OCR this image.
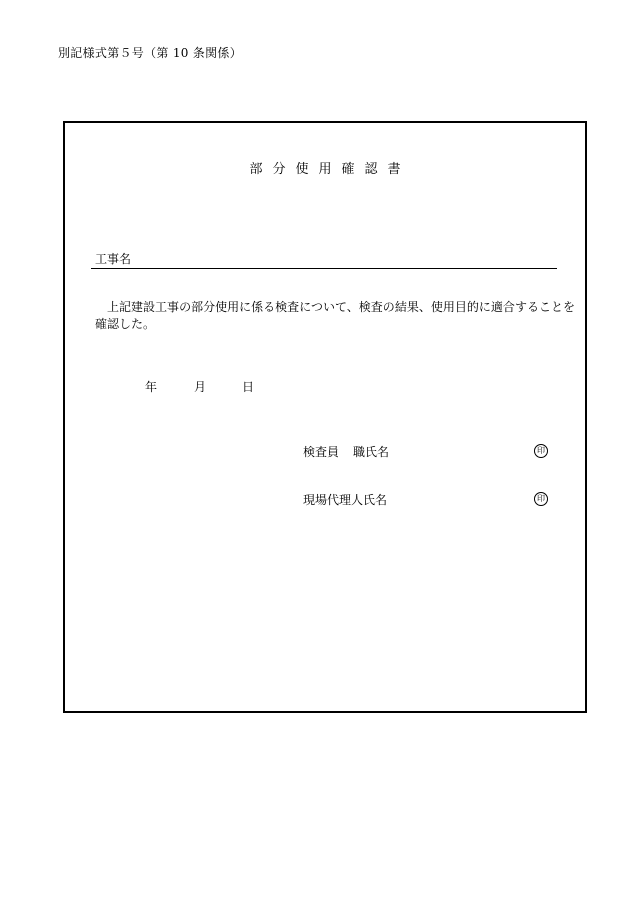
別記様式第５号（第 10 条関係）
部分使用確認書
工事名
上記建設工事の部分使用に係る検査について、検査の結果、使用目的に適合することを確認した。
年	月	日
検査員 職氏名	印
現場代理人氏名	印
